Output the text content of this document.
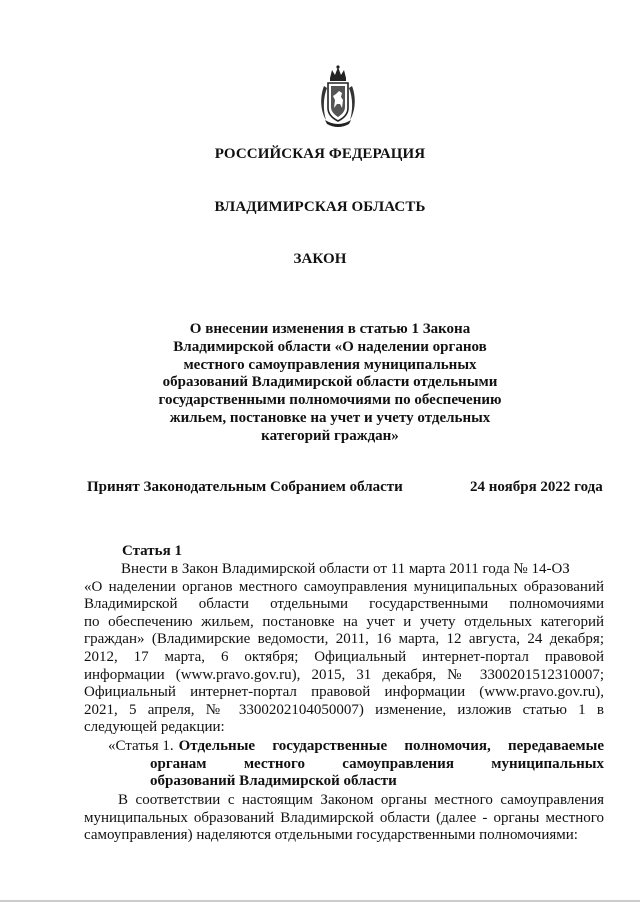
РОССИЙСКАЯ ФЕДЕРАЦИЯ
ВЛАДИМИРСКАЯ ОБЛАСТЬ
ЗАКОН
О внесении изменения в статью 1 Закона
Владимирской области «О наделении органов
местного самоуправления муниципальных
образований Владимирской области отдельными
государственными полномочиями по обеспечению
жильем, постановке на учет и учету отдельных
категорий граждан»
Принят Законодательным Собранием области	24 ноября 2022 года
Статья 1
Внести в Закон Владимирской области от 11 марта 2011 года № 14-ОЗ
«О наделении органов местного самоуправления муниципальных образований
Владимирской области отдельными государственными полномочиями
по обеспечению жильем, постановке на учет и учету отдельных категорий
граждан» (Владимирские ведомости, 2011, 16 марта, 12 августа, 24 декабря;
2012, 17 марта, 6 октября; Официальный интернет-портал правовой
информации (www.pravo.gov.ru), 2015, 31 декабря, № 3300201512310007;
Официальный интернет-портал правовой информации (www.pravo.gov.ru),
2021, 5 апреля, № 3300202104050007) изменение, изложив статью 1 в
следующей редакции:
«Статья 1. Отдельные государственные полномочия, передаваемые
органам местного самоуправления муниципальных
образований Владимирской области
В соответствии с настоящим Законом органы местного самоуправления
муниципальных образований Владимирской области (далее - органы местного
самоуправления) наделяются отдельными государственными полномочиями:
